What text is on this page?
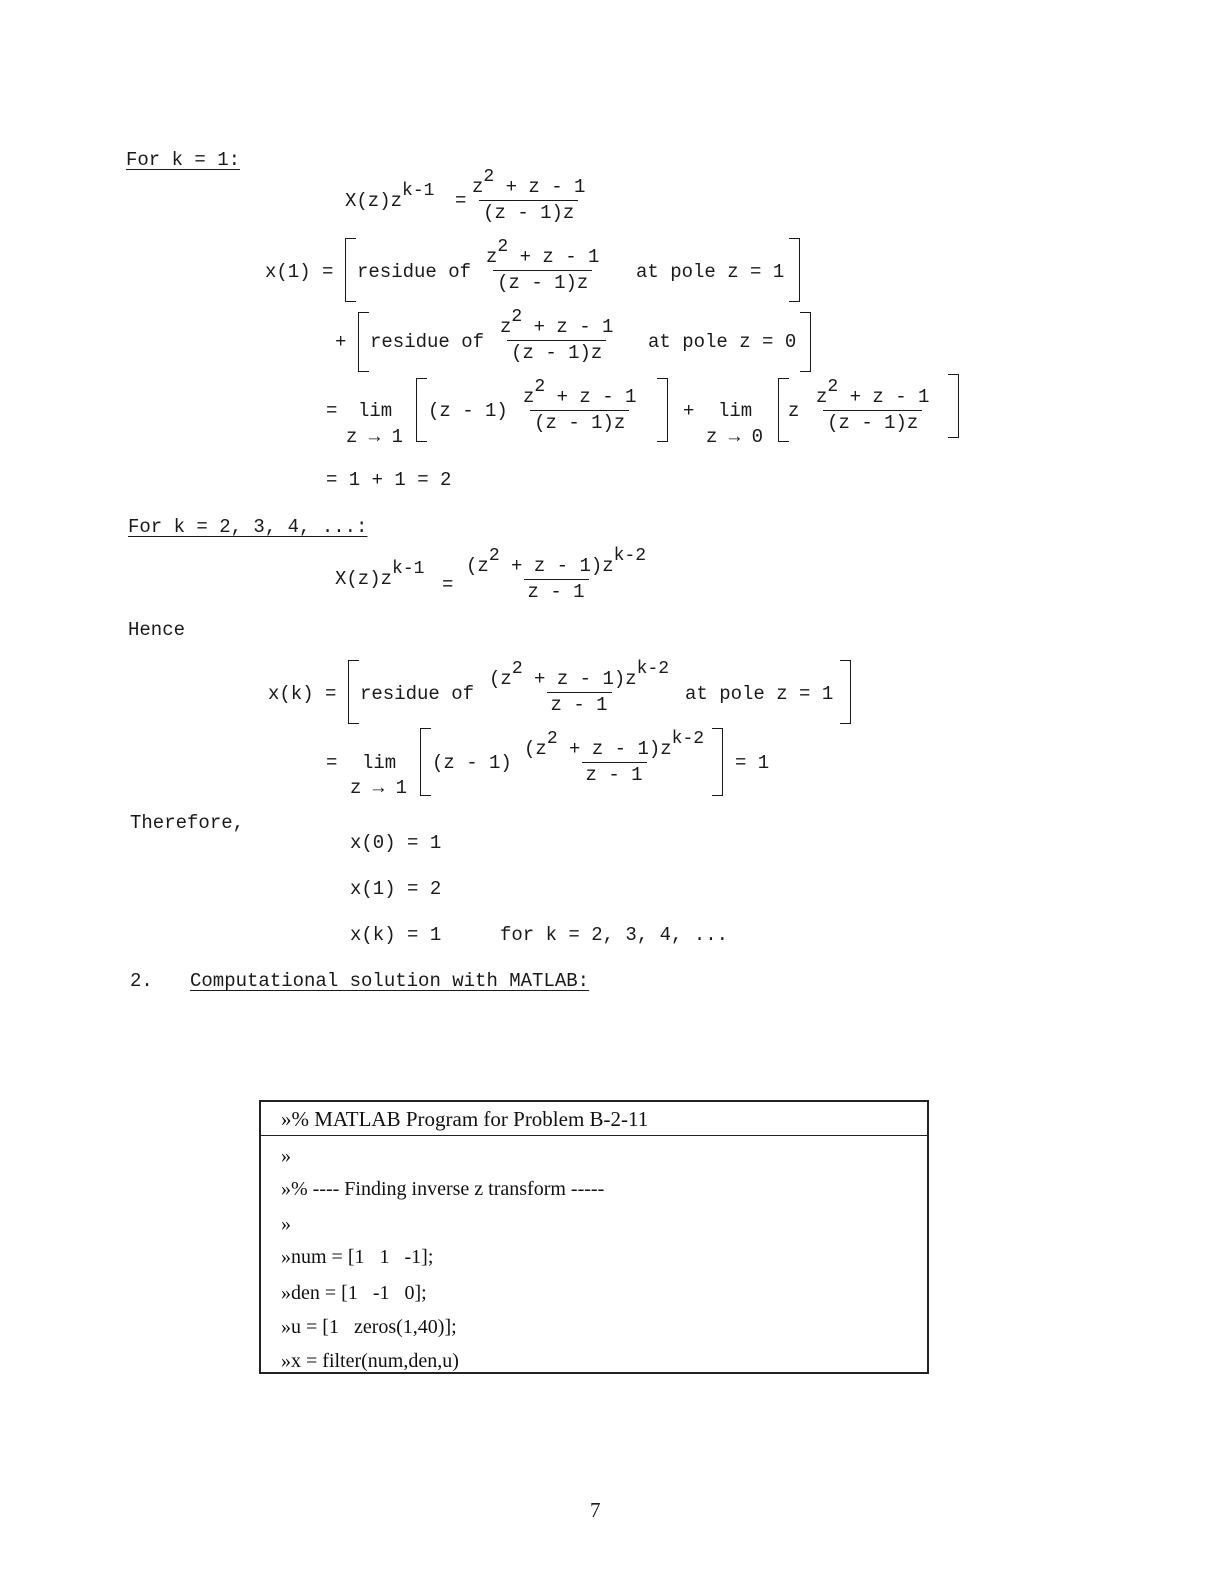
For k = 1:
$X(z)z^{k-1} = \frac{z^2 + z - 1}{(z - 1)z}$
x(1) = residue of $\frac{z^2 + z - 1}{(z - 1)z}$ at pole z = 1
+ residue of $\frac{z^2 + z - 1}{(z - 1)z}$ at pole z = 0
= lim
z → 1
$(z - 1) \frac{z^2 + z - 1}{(z - 1)z} + \lim$
z → 0
z $\frac{z^2 + z - 1}{(z - 1)z}$
= 1 + 1 = 2
For k = 2, 3, 4, ...:
$X(z)z^{k-1}$
= $\frac{(z^2 + z - 1)z^{k-2}}{z - 1}$
Hence
x(k) = residue of $\frac{(z^2 + z - 1)z^{k-2}}{z - 1}$ at pole z = 1
= lim
z → 1
$(z - 1) \frac{(z^2 + z - 1)z^{k-2}}{z - 1} = 1$
Therefore,
x(0) = 1
x(1) = 2
x(k) = 1	for k = 2, 3, 4, ...
2. Computational solution with MATLAB:
»% MATLAB Program for Problem B-2-11
»
»% ---- Finding inverse z transform -----
»
»num = [1   1   -1];
»den = [1   -1   0];
»u = [1   zeros(1,40)];
»x = filter(num,den,u)
7
